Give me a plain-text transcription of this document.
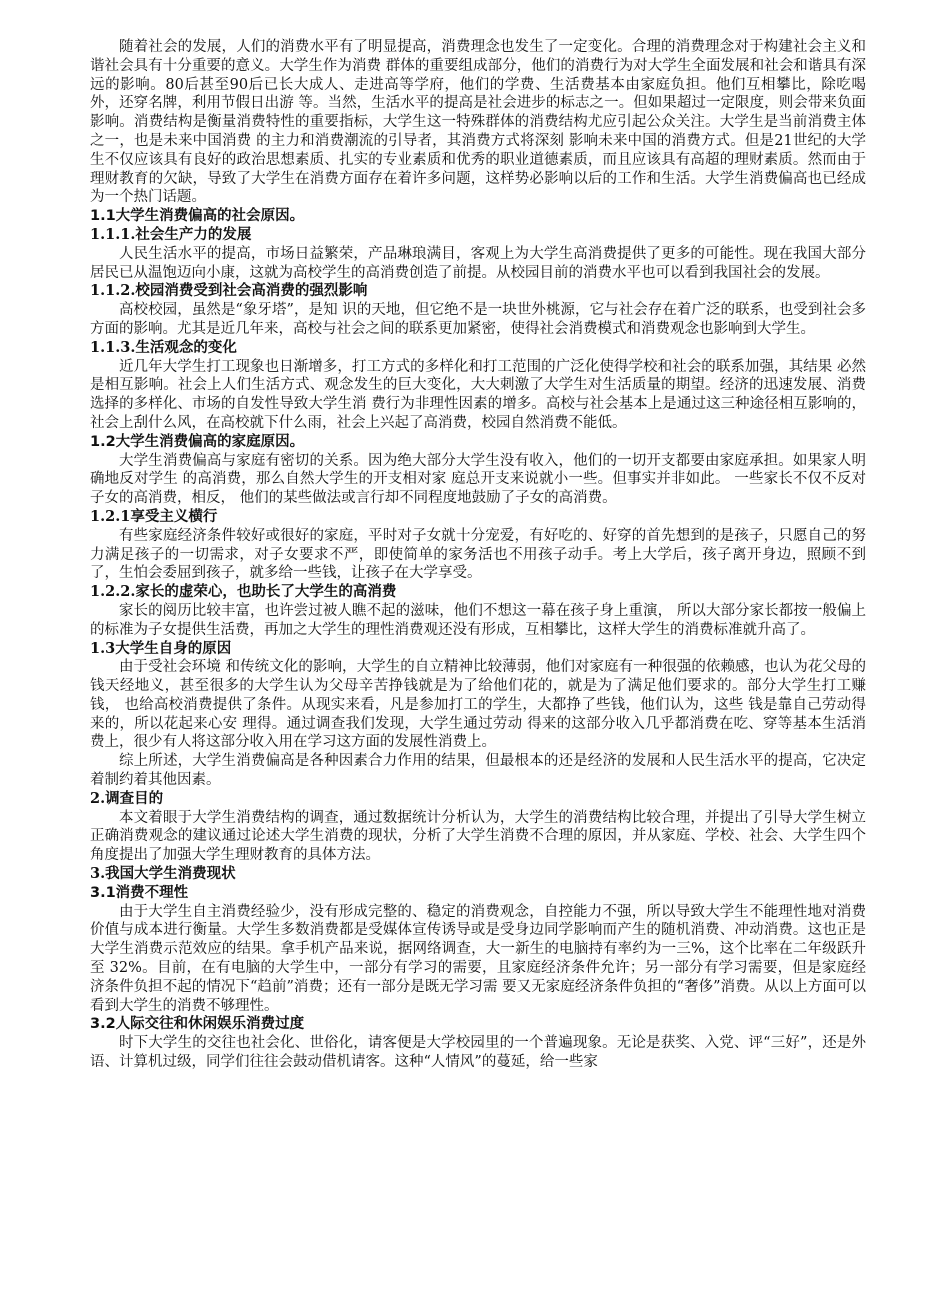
随着社会的发展，人们的消费水平有了明显提高，消费理念也发生了一定变化。合理的消费理念对于构建社会主义和谐社会具有十分重要的意义。大学生作为消费 群体的重要组成部分，他们的消费行为对大学生全面发展和社会和谐具有深远的影响。80后甚至90后已长大成人、走进高等学府，他们的学费、生活费基本由家庭负担。他们互相攀比，除吃喝外，还穿名牌，利用节假日出游 等。当然，生活水平的提高是社会进步的标志之一。但如果超过一定限度，则会带来负面影响。消费结构是衡量消费特性的重要指标，大学生这一特殊群体的消费结构尤应引起公众关注。大学生是当前消费主体之一，也是未来中国消费 的主力和消费潮流的引导者，其消费方式将深刻 影响未来中国的消费方式。但是21世纪的大学生不仅应该具有良好的政治思想素质、扎实的专业素质和优秀的职业道德素质，而且应该具有高超的理财素质。然而由于理财教育的欠缺，导致了大学生在消费方面存在着许多问题，这样势必影响以后的工作和生活。大学生消费偏高也已经成为一个热门话题。

1.1大学生消费偏高的社会原因。

1.1.1.社会生产力的发展

人民生活水平的提高，市场日益繁荣，产品琳琅满目，客观上为大学生高消费提供了更多的可能性。现在我国大部分居民已从温饱迈向小康，这就为高校学生的高消费创造了前提。从校园目前的消费水平也可以看到我国社会的发展。

1.1.2.校园消费受到社会高消费的强烈影响

高校校园，虽然是“象牙塔”，是知 识的天地，但它绝不是一块世外桃源，它与社会存在着广泛的联系，也受到社会多方面的影响。尤其是近几年来，高校与社会之间的联系更加紧密，使得社会消费模式和消费观念也影响到大学生。

1.1.3.生活观念的变化

近几年大学生打工现象也日渐增多，打工方式的多样化和打工范围的广泛化使得学校和社会的联系加强，其结果 必然是相互影响。社会上人们生活方式、观念发生的巨大变化，大大刺激了大学生对生活质量的期望。经济的迅速发展、消费选择的多样化、市场的自发性导致大学生消 费行为非理性因素的增多。高校与社会基本上是通过这三种途径相互影响的，社会上刮什么风，在高校就下什么雨，社会上兴起了高消费，校园自然消费不能低。

1.2大学生消费偏高的家庭原因。

大学生消费偏高与家庭有密切的关系。因为绝大部分大学生没有收入，他们的一切开支都要由家庭承担。如果家人明确地反对学生 的高消费，那么自然大学生的开支相对家 庭总开支来说就小一些。但事实并非如此。 一些家长不仅不反对子女的高消费，相反， 他们的某些做法或言行却不同程度地鼓励了子女的高消费。

1.2.1享受主义横行

有些家庭经济条件较好或很好的家庭，平时对子女就十分宠爱，有好吃的、好穿的首先想到的是孩子，只愿自己的努力满足孩子的一切需求，对子女要求不严，即使简单的家务活也不用孩子动手。考上大学后，孩子离开身边，照顾不到了，生怕会委屈到孩子，就多给一些钱，让孩子在大学享受。

1.2.2.家长的虚荣心，也助长了大学生的高消费

家长的阅历比较丰富，也许尝过被人瞧不起的滋味，他们不想这一幕在孩子身上重演， 所以大部分家长都按一般偏上的标准为子女提供生活费，再加之大学生的理性消费观还没有形成，互相攀比，这样大学生的消费标准就升高了。

1.3大学生自身的原因

由于受社会环境 和传统文化的影响，大学生的自立精神比较薄弱，他们对家庭有一种很强的依赖感，也认为花父母的钱天经地义，甚至很多的大学生认为父母辛苦挣钱就是为了给他们花的，就是为了满足他们要求的。部分大学生打工赚钱， 也给高校消费提供了条件。从现实来看，凡是参加打工的学生，大都挣了些钱，他们认为，这些 钱是靠自己劳动得来的，所以花起来心安 理得。通过调查我们发现，大学生通过劳动 得来的这部分收入几乎都消费在吃、穿等基本生活消费上，很少有人将这部分收入用在学习这方面的发展性消费上。

综上所述，大学生消费偏高是各种因素合力作用的结果，但最根本的还是经济的发展和人民生活水平的提高，它决定着制约着其他因素。

2.调查目的

本文着眼于大学生消费结构的调查，通过数据统计分析认为，大学生的消费结构比较合理，并提出了引导大学生树立正确消费观念的建议通过论述大学生消费的现状，分析了大学生消费不合理的原因，并从家庭、学校、社会、大学生四个角度提出了加强大学生理财教育的具体方法。

3.我国大学生消费现状

3.1消费不理性

由于大学生自主消费经验少，没有形成完整的、稳定的消费观念，自控能力不强，所以导致大学生不能理性地对消费价值与成本进行衡量。大学生多数消费都是受媒体宣传诱导或是受身边同学影响而产生的随机消费、冲动消费。这也正是大学生消费示范效应的结果。拿手机产品来说，据网络调查，大一新生的电脑持有率约为一三%，这个比率在二年级跃升至 32%。目前，在有电脑的大学生中，一部分有学习的需要，且家庭经济条件允许；另一部分有学习需要，但是家庭经济条件负担不起的情况下“趋前”消费；还有一部分是既无学习需 要又无家庭经济条件负担的“奢侈”消费。从以上方面可以看到大学生的消费不够理性。

3.2人际交往和休闲娱乐消费过度

时下大学生的交往也社会化、世俗化，请客便是大学校园里的一个普遍现象。无论是获奖、入党、评“三好”，还是外语、计算机过级，同学们往往会鼓动借机请客。这种“人情风”的蔓延，给一些家
